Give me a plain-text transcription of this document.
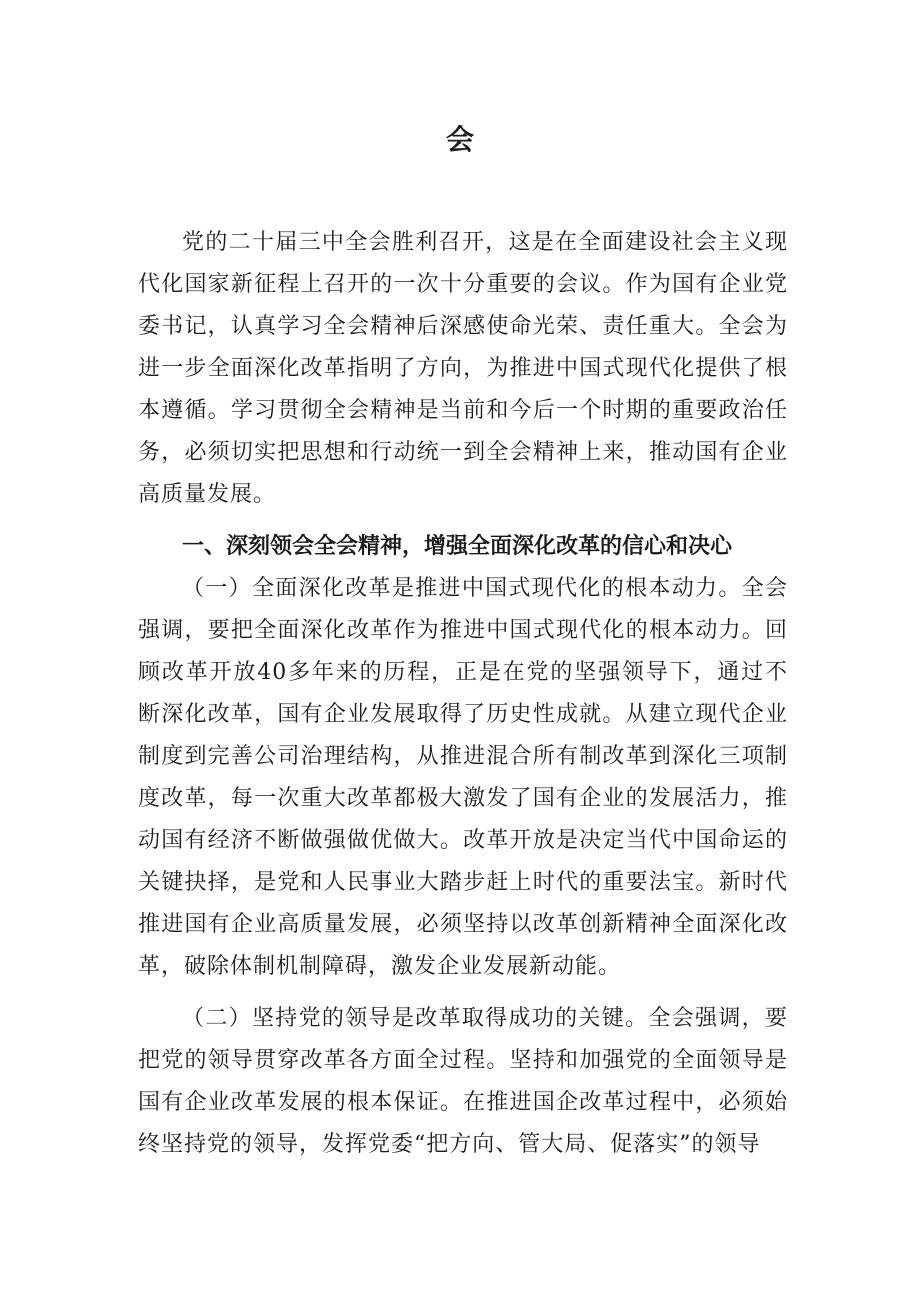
会

党的二十届三中全会胜利召开，这是在全面建设社会主义现代化国家新征程上召开的一次十分重要的会议。作为国有企业党委书记，认真学习全会精神后深感使命光荣、责任重大。全会为进一步全面深化改革指明了方向，为推进中国式现代化提供了根本遵循。学习贯彻全会精神是当前和今后一个时期的重要政治任务，必须切实把思想和行动统一到全会精神上来，推动国有企业高质量发展。

一、深刻领会全会精神，增强全面深化改革的信心和决心

（一）全面深化改革是推进中国式现代化的根本动力。全会强调，要把全面深化改革作为推进中国式现代化的根本动力。回顾改革开放40多年来的历程，正是在党的坚强领导下，通过不断深化改革，国有企业发展取得了历史性成就。从建立现代企业制度到完善公司治理结构，从推进混合所有制改革到深化三项制度改革，每一次重大改革都极大激发了国有企业的发展活力，推动国有经济不断做强做优做大。改革开放是决定当代中国命运的关键抉择，是党和人民事业大踏步赶上时代的重要法宝。新时代推进国有企业高质量发展，必须坚持以改革创新精神全面深化改革，破除体制机制障碍，激发企业发展新动能。

（二）坚持党的领导是改革取得成功的关键。全会强调，要把党的领导贯穿改革各方面全过程。坚持和加强党的全面领导是国有企业改革发展的根本保证。在推进国企改革过程中，必须始终坚持党的领导，发挥党委“把方向、管大局、促落实”的领导
